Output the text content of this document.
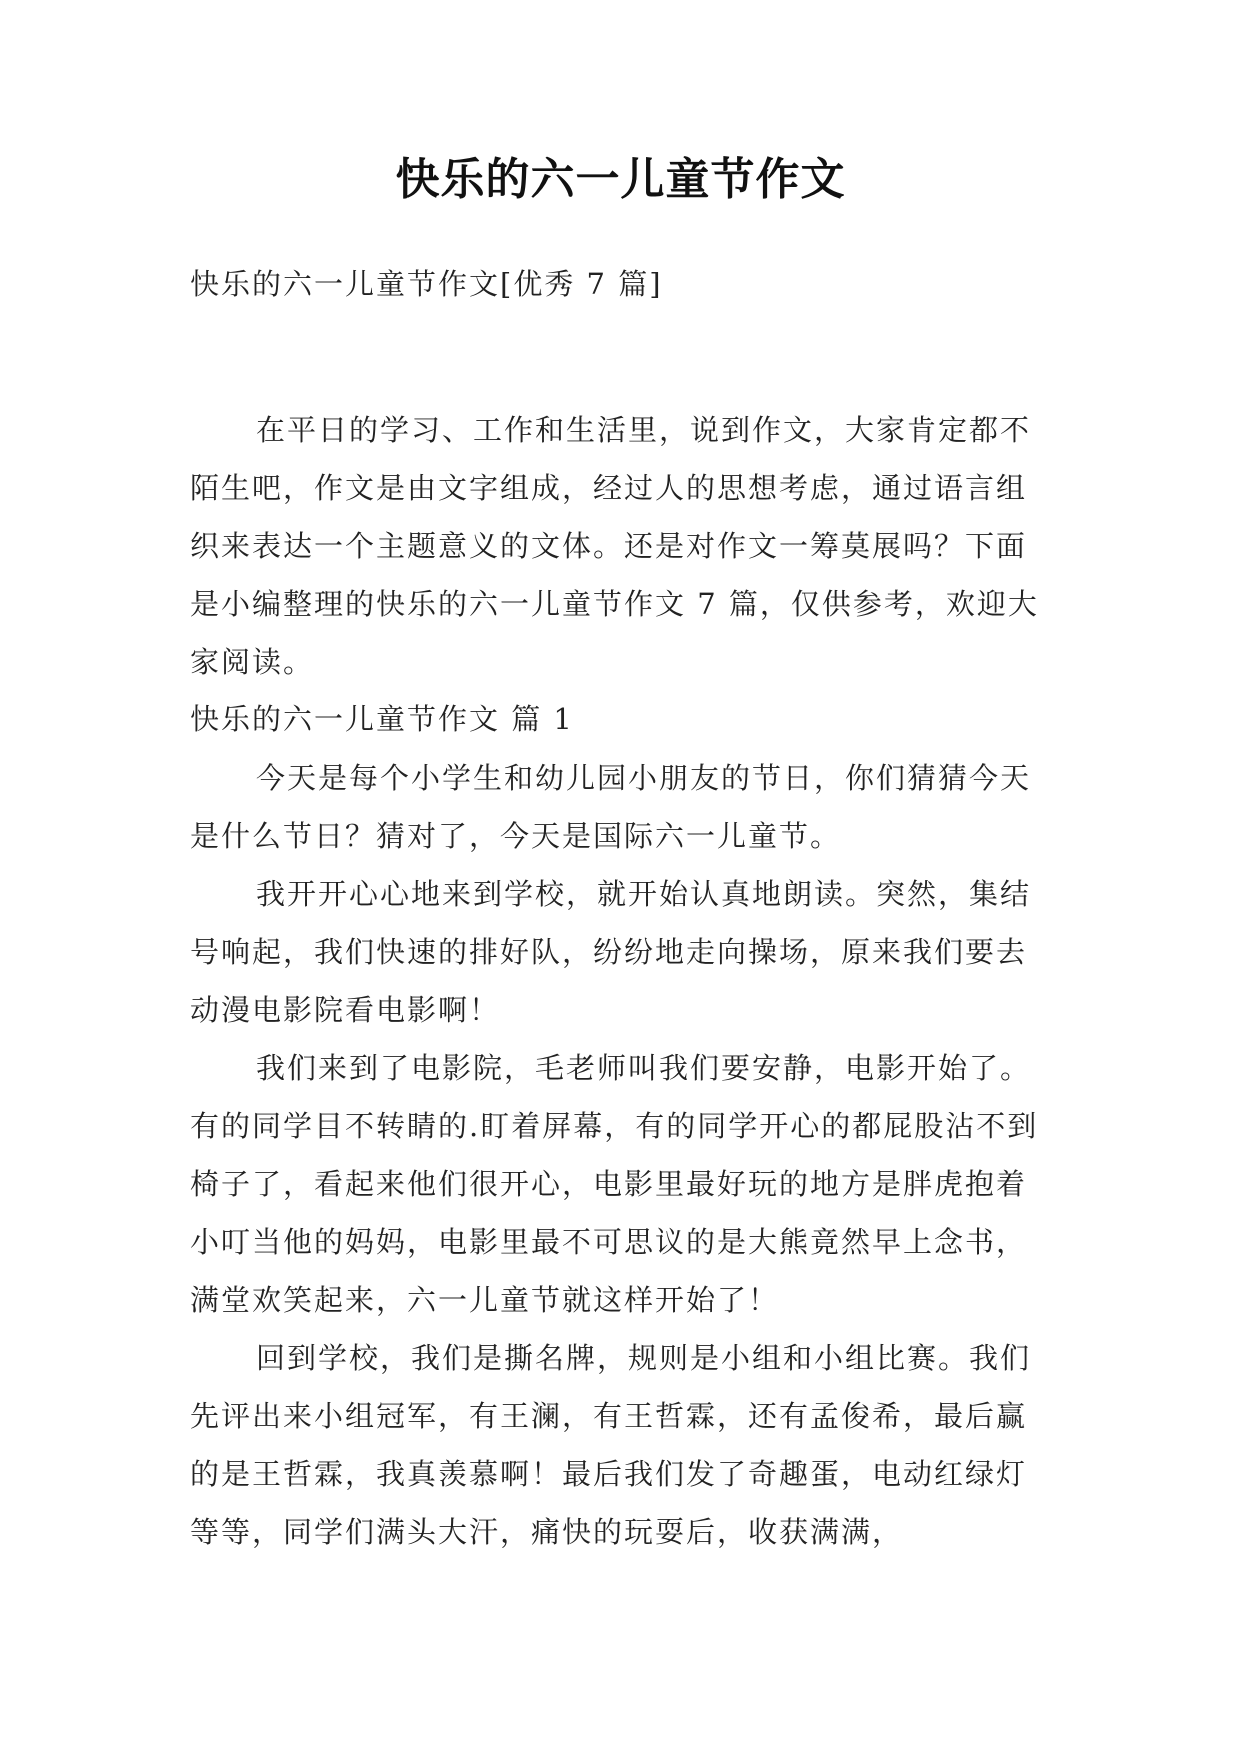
快乐的六一儿童节作文
快乐的六一儿童节作文[优秀 7 篇]

在平日的学习、工作和生活里，说到作文，大家肯定都不陌生吧，作文是由文字组成，经过人的思想考虑，通过语言组织来表达一个主题意义的文体。还是对作文一筹莫展吗？下面是小编整理的快乐的六一儿童节作文 7 篇，仅供参考，欢迎大家阅读。

快乐的六一儿童节作文 篇 1

今天是每个小学生和幼儿园小朋友的节日，你们猜猜今天是什么节日？猜对了，今天是国际六一儿童节。

我开开心心地来到学校，就开始认真地朗读。突然，集结号响起，我们快速的排好队，纷纷地走向操场，原来我们要去动漫电影院看电影啊！

我们来到了电影院，毛老师叫我们要安静，电影开始了。有的同学目不转睛的.盯着屏幕，有的同学开心的都屁股沾不到椅子了，看起来他们很开心，电影里最好玩的地方是胖虎抱着小叮当他的妈妈，电影里最不可思议的是大熊竟然早上念书，满堂欢笑起来，六一儿童节就这样开始了！

回到学校，我们是撕名牌，规则是小组和小组比赛。我们先评出来小组冠军，有王澜，有王哲霖，还有孟俊希，最后赢的是王哲霖，我真羡慕啊！最后我们发了奇趣蛋，电动红绿灯等等，同学们满头大汗，痛快的玩耍后，收获满满，
